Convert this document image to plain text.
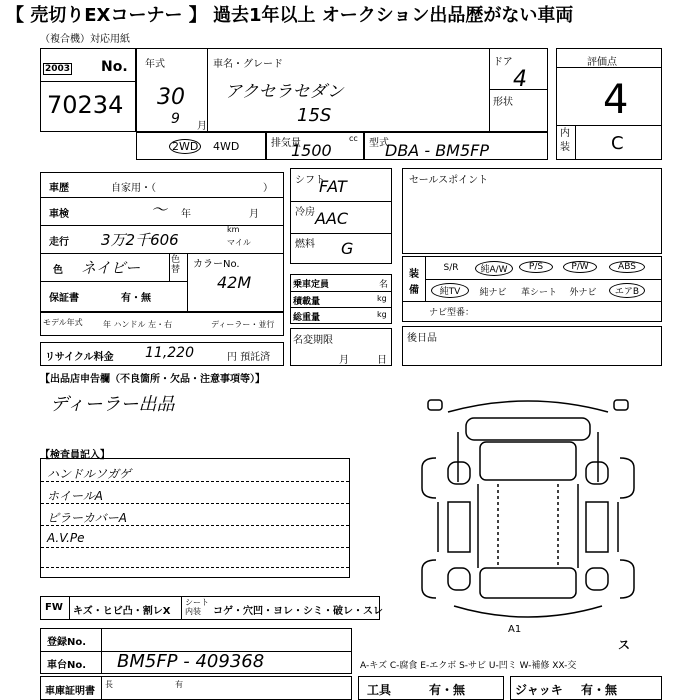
【 売切りEXコーナー 】 過去1年以上 オークション出品歴がない車両
（複合機）対応用紙
2003 No.
70234
年式
30
9 月
車名・グレード
アクセラセダン
15S
ドア
4
形状
評価点
4
内装 C
2WD 4WD	排気量	cc
1500	型式
DBA - BM5FP
車歴	自家用・（	）
車検	〜 年	月
走行 3万2千606
km
マイル
色 ネイビー	色替 カラーNo.
42M
保証書	有・無
モデル年式	年 ハンドル 左・右	ディーラー・並行
リサイクル料金 11,220	円 預託済
シフト
FAT
冷房 AAC
燃料 G
乗車定員	名
積載量	kg
総重量	kg
名変期限
月	日
セールスポイント
装備
S/R	純A/W	P/S	P/W	ABS
純TV	純ナビ	革シート	外ナビ	エアB
ナビ型番：
後日品
【出品店申告欄（不良箇所・欠品・注意事項等）】
ディーラー出品
【検査員記入】
ハンドルソガゲ
ホイールA
ピラーカバーA
A.V.Pe
A1
ス
FW キズ・ヒビ凸・割レX
シート内装	コゲ・穴凹・ヨレ・シミ・破レ・スレ
登録No.
車台No. BM5FP - 409368
車庫証明書
長	有
A-キズ C-腐食 E-エクボ S-サビ U-凹ミ W-補修 XX-交
工具	有・無	ジャッキ 有・無
